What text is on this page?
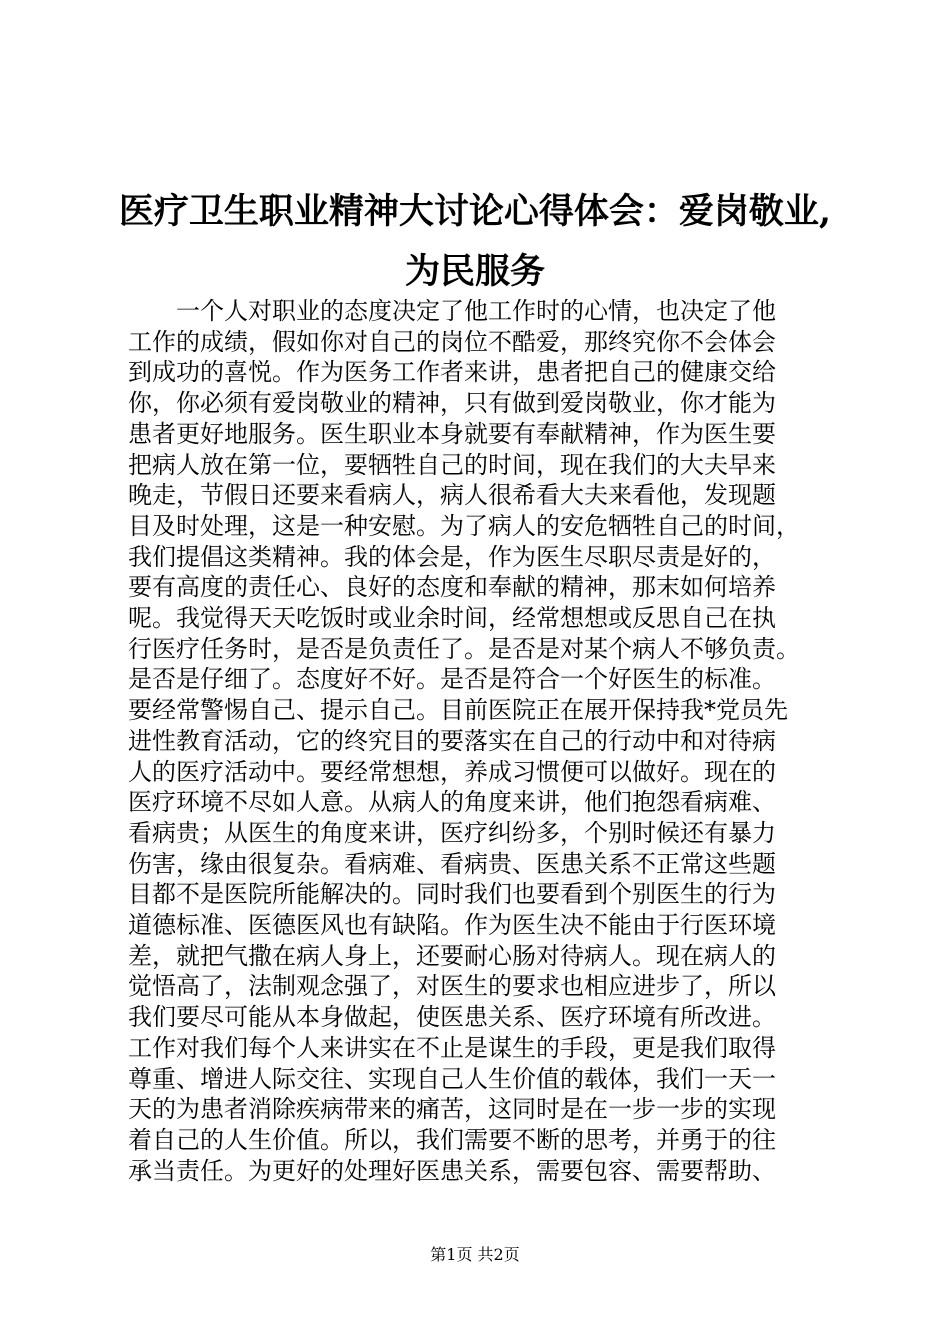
医疗卫生职业精神大讨论心得体会：爱岗敬业,
为民服务
　　一个人对职业的态度决定了他工作时的心情，也决定了他
工作的成绩，假如你对自己的岗位不酷爱，那终究你不会体会
到成功的喜悦。作为医务工作者来讲，患者把自己的健康交给
你，你必须有爱岗敬业的精神，只有做到爱岗敬业，你才能为
患者更好地服务。医生职业本身就要有奉献精神，作为医生要
把病人放在第一位，要牺牲自己的时间，现在我们的大夫早来
晚走，节假日还要来看病人，病人很希看大夫来看他，发现题
目及时处理，这是一种安慰。为了病人的安危牺牲自己的时间，
我们提倡这类精神。我的体会是，作为医生尽职尽责是好的，
要有高度的责任心、良好的态度和奉献的精神，那末如何培养
呢。我觉得天天吃饭时或业余时间，经常想想或反思自己在执
行医疗任务时，是否是负责任了。是否是对某个病人不够负责。
是否是仔细了。态度好不好。是否是符合一个好医生的标准。
要经常警惕自己、提示自己。目前医院正在展开保持我*党员先
进性教育活动，它的终究目的要落实在自己的行动中和对待病
人的医疗活动中。要经常想想，养成习惯便可以做好。现在的
医疗环境不尽如人意。从病人的角度来讲，他们抱怨看病难、
看病贵；从医生的角度来讲，医疗纠纷多，个别时候还有暴力
伤害，缘由很复杂。看病难、看病贵、医患关系不正常这些题
目都不是医院所能解决的。同时我们也要看到个别医生的行为
道德标准、医德医风也有缺陷。作为医生决不能由于行医环境
差，就把气撒在病人身上，还要耐心肠对待病人。现在病人的
觉悟高了，法制观念强了，对医生的要求也相应进步了，所以
我们要尽可能从本身做起，使医患关系、医疗环境有所改进。
工作对我们每个人来讲实在不止是谋生的手段，更是我们取得
尊重、增进人际交往、实现自己人生价值的载体，我们一天一
天的为患者消除疾病带来的痛苦，这同时是在一步一步的实现
着自己的人生价值。所以，我们需要不断的思考，并勇于的往
承当责任。为更好的处理好医患关系，需要包容、需要帮助、
第1页 共2页
